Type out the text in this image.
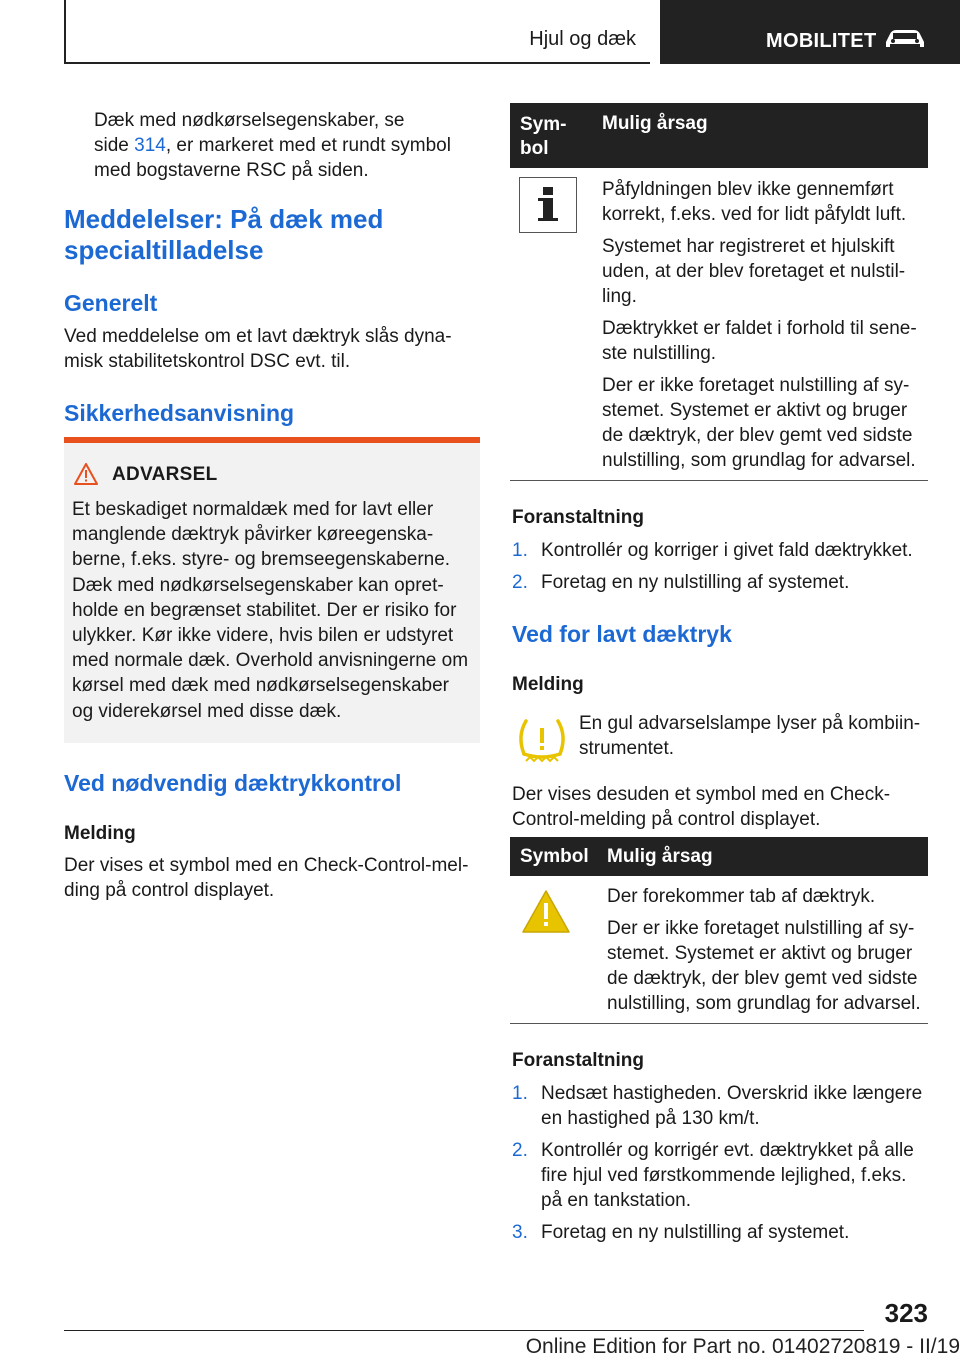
Hjul og dæk	MOBILITET
Dæk med nødkørselsegenskaber, se
side 314, er markeret med et rundt symbol
med bogstaverne RSC på siden.
Meddelelser: På dæk med
specialtilladelse
Generelt
Ved meddelelse om et lavt dæktryk slås dyna-
misk stabilitetskontrol DSC evt. til.
Sikkerhedsanvisning
ADVARSEL
Et beskadiget normaldæk med for lavt eller
manglende dæktryk påvirker køreegenska-
berne, f.eks. styre- og bremseegenskaberne.
Dæk med nødkørselsegenskaber kan opret-
holde en begrænset stabilitet. Der er risiko for
ulykker. Kør ikke videre, hvis bilen er udstyret
med normale dæk. Overhold anvisningerne om
kørsel med dæk med nødkørselsegenskaber
og viderekørsel med disse dæk.
Ved nødvendig dæktrykkontrol
Melding
Der vises et symbol med en Check-Control-mel-
ding på control displayet.
Sym-
bol
Mulig årsag
Påfyldningen blev ikke gennemført
korrekt, f.eks. ved for lidt påfyldt luft.
Systemet har registreret et hjulskift
uden, at der blev foretaget et nulstil-
ling.
Dæktrykket er faldet i forhold til sene-
ste nulstilling.
Der er ikke foretaget nulstilling af sy-
stemet. Systemet er aktivt og bruger
de dæktryk, der blev gemt ved sidste
nulstilling, som grundlag for advarsel.
Foranstaltning
1. Kontrollér og korriger i givet fald dæktrykket.
2. Foretag en ny nulstilling af systemet.
Ved for lavt dæktryk
Melding
En gul advarselslampe lyser på kombiin-
strumentet.
Der vises desuden et symbol med en Check-
Control-melding på control displayet.
Symbol Mulig årsag
Der forekommer tab af dæktryk.
Der er ikke foretaget nulstilling af sy-
stemet. Systemet er aktivt og bruger
de dæktryk, der blev gemt ved sidste
nulstilling, som grundlag for advarsel.
Foranstaltning
1. Nedsæt hastigheden. Overskrid ikke længere
en hastighed på 130 km/t.
2. Kontrollér og korrigér evt. dæktrykket på alle
fire hjul ved førstkommende lejlighed, f.eks.
på en tankstation.
3. Foretag en ny nulstilling af systemet.
323
Online Edition for Part no. 01402720819 - II/19
